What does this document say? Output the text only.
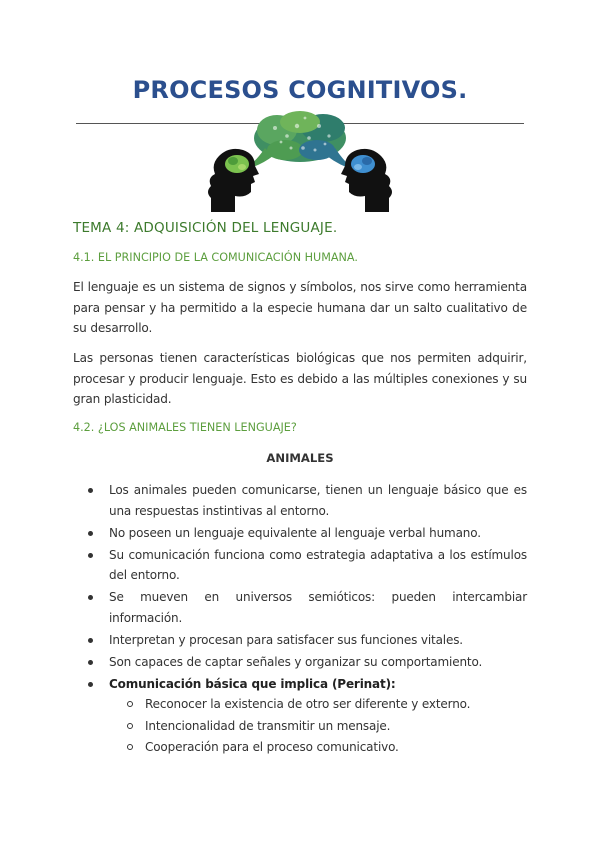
PROCESOS COGNITIVOS.
TEMA 4: ADQUISICIÓN DEL LENGUAJE.
4.1. EL PRINCIPIO DE LA COMUNICACIÓN HUMANA.

El lenguaje es un sistema de signos y símbolos, nos sirve como herramienta para pensar y ha permitido a la especie humana dar un salto cualitativo de su desarrollo.

Las personas tienen características biológicas que nos permiten adquirir, procesar y producir lenguaje. Esto es debido a las múltiples conexiones y su gran plasticidad.

4.2. ¿LOS ANIMALES TIENEN LENGUAJE?

ANIMALES

Los animales pueden comunicarse, tienen un lenguaje básico que es una respuestas instintivas al entorno.
No poseen un lenguaje equivalente al lenguaje verbal humano.
Su comunicación funciona como estrategia adaptativa a los estímulos del entorno.
Se mueven en universos semióticos: pueden intercambiar información.
Interpretan y procesan para satisfacer sus funciones vitales.
Son capaces de captar señales y organizar su comportamiento.
Comunicación básica que implica (Perinat):
Reconocer la existencia de otro ser diferente y externo.
Intencionalidad de transmitir un mensaje.
Cooperación para el proceso comunicativo.
